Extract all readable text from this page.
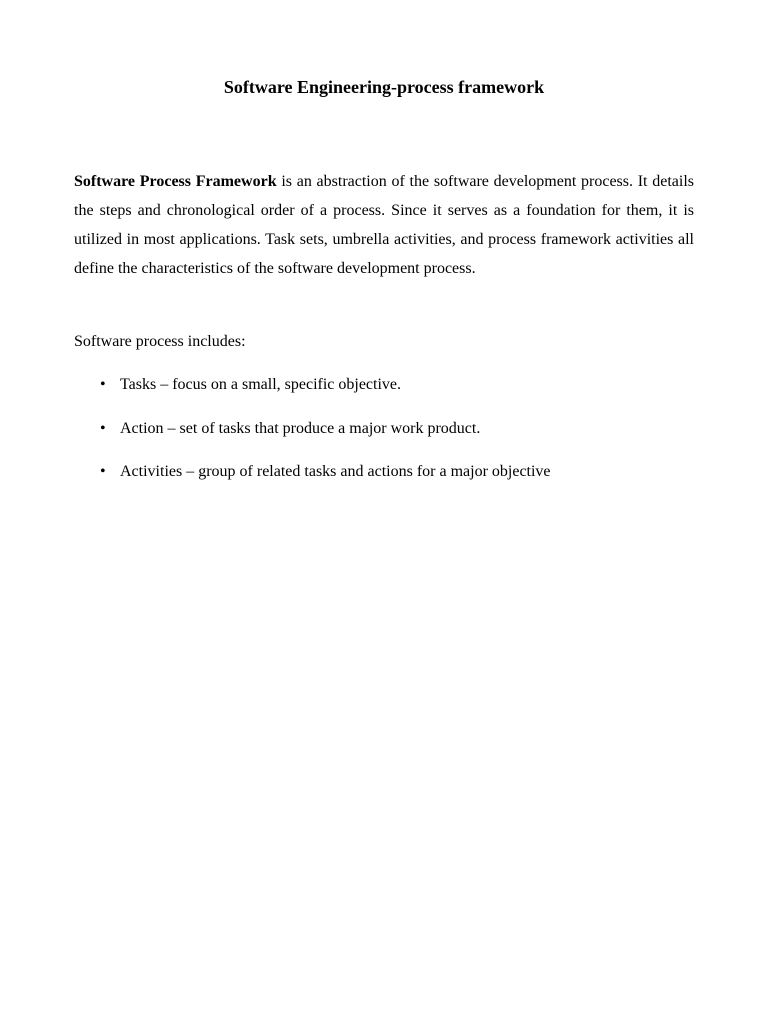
Software Engineering-process framework

Software Process Framework is an abstraction of the software development process. It details the steps and chronological order of a process. Since it serves as a foundation for them, it is utilized in most applications. Task sets, umbrella activities, and process framework activities all define the characteristics of the software development process.

Software process includes:

• Tasks – focus on a small, specific objective.
• Action – set of tasks that produce a major work product.
• Activities – group of related tasks and actions for a major objective
